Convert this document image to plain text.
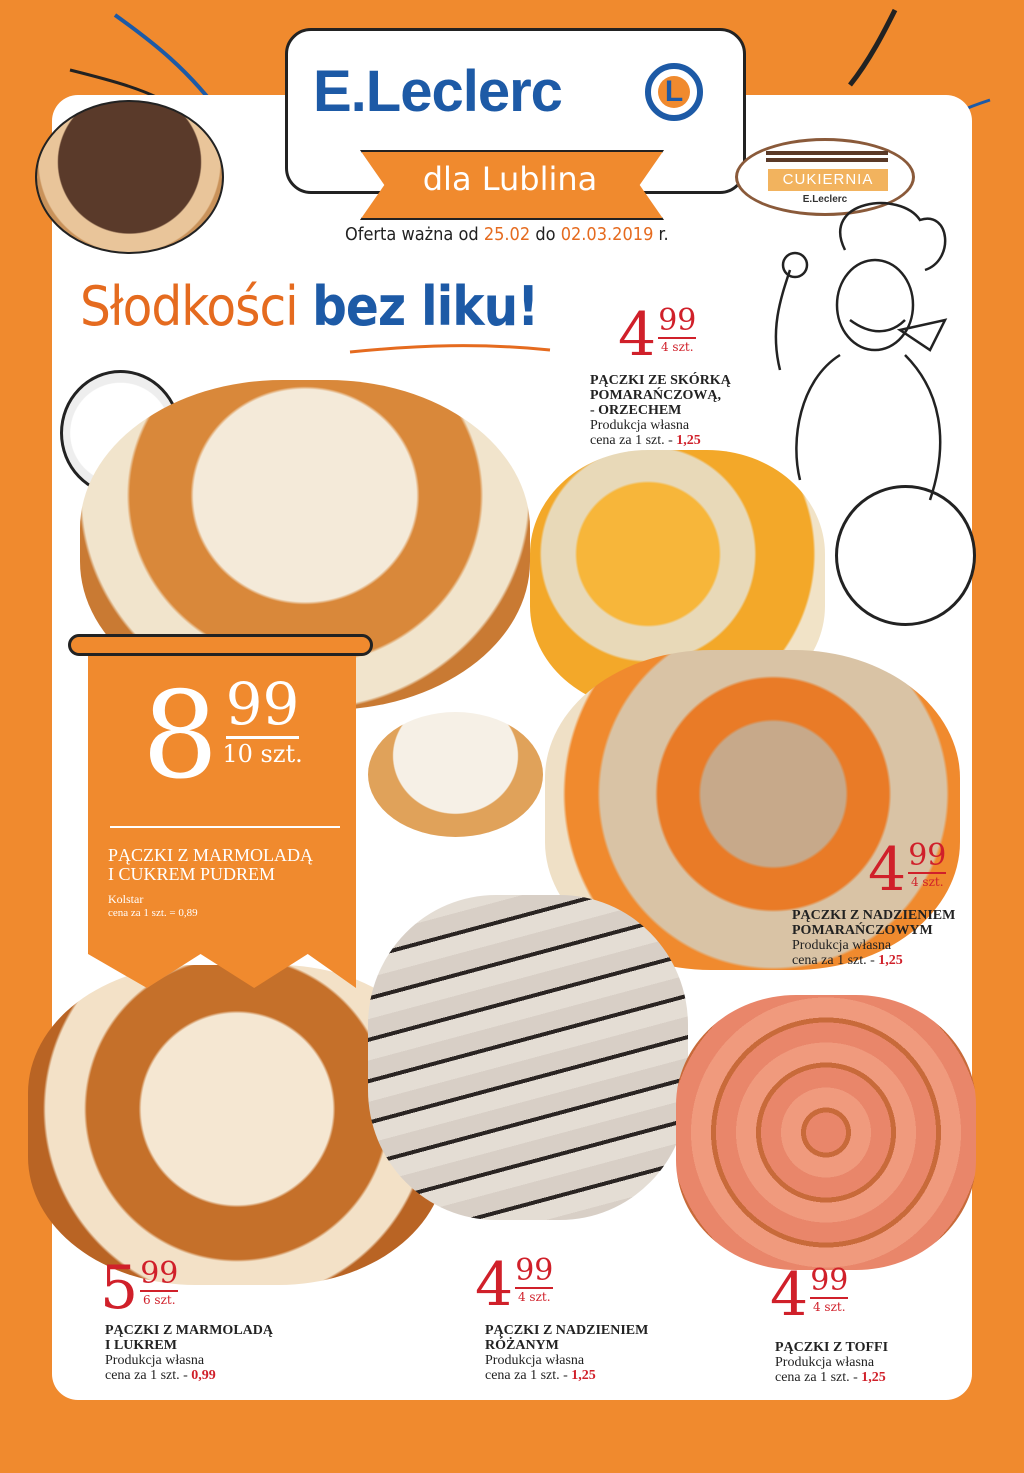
E.Leclerc	L
dla Lublina
Oferta ważna od 25.02 do 02.03.2019 r.
CUKIERNIA
E.Leclerc
Słodkości bez liku!
8 99
10 szt.
PĄCZKI Z MARMOLADĄ
I CUKREM PUDREM
Kolstar
cena za 1 szt. = 0,89
4 99
4 szt.
PĄCZKI ZE SKÓRKĄ
POMARAŃCZOWĄ,
- ORZECHEM
Produkcja własna
cena za 1 szt. - 1,25
4 99
4 szt.
PĄCZKI Z NADZIENIEM
POMARAŃCZOWYM
Produkcja własna
cena za 1 szt. - 1,25
5 99
6 szt.
PĄCZKI Z MARMOLADĄ
I LUKREM
Produkcja własna
cena za 1 szt. - 0,99
4 99
4 szt.
PĄCZKI Z NADZIENIEM
RÓŻANYM
Produkcja własna
cena za 1 szt. - 1,25
4 99
4 szt.
PĄCZKI Z TOFFI
Produkcja własna
cena za 1 szt. - 1,25
